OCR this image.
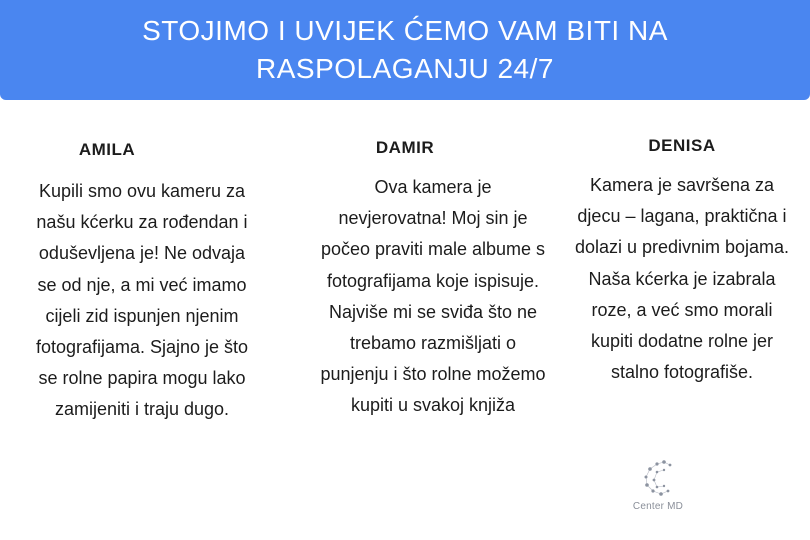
STOJIMO I UVIJEK ĆEMO VAM BITI NA RASPOLAGANJU 24/7

AMILA

Kupili smo ovu kameru za našu kćerku za rođendan i oduševljena je! Ne odvaja se od nje, a mi već imamo cijeli zid ispunjen njenim fotografijama. Sjajno je što se rolne papira mogu lako zamijeniti i traju dugo.

DAMIR

Ova kamera je nevjerovatna! Moj sin je počeo praviti male albume s fotografijama koje ispisuje. Najviše mi se sviđa što ne trebamo razmišljati o punjenju i što rolne možemo kupiti u svakoj knjiža

DENISA

Kamera je savršena za djecu – lagana, praktična i dolazi u predivnim bojama. Naša kćerka je izabrala roze, a već smo morali kupiti dodatne rolne jer stalno fotografiše.

Center MD
